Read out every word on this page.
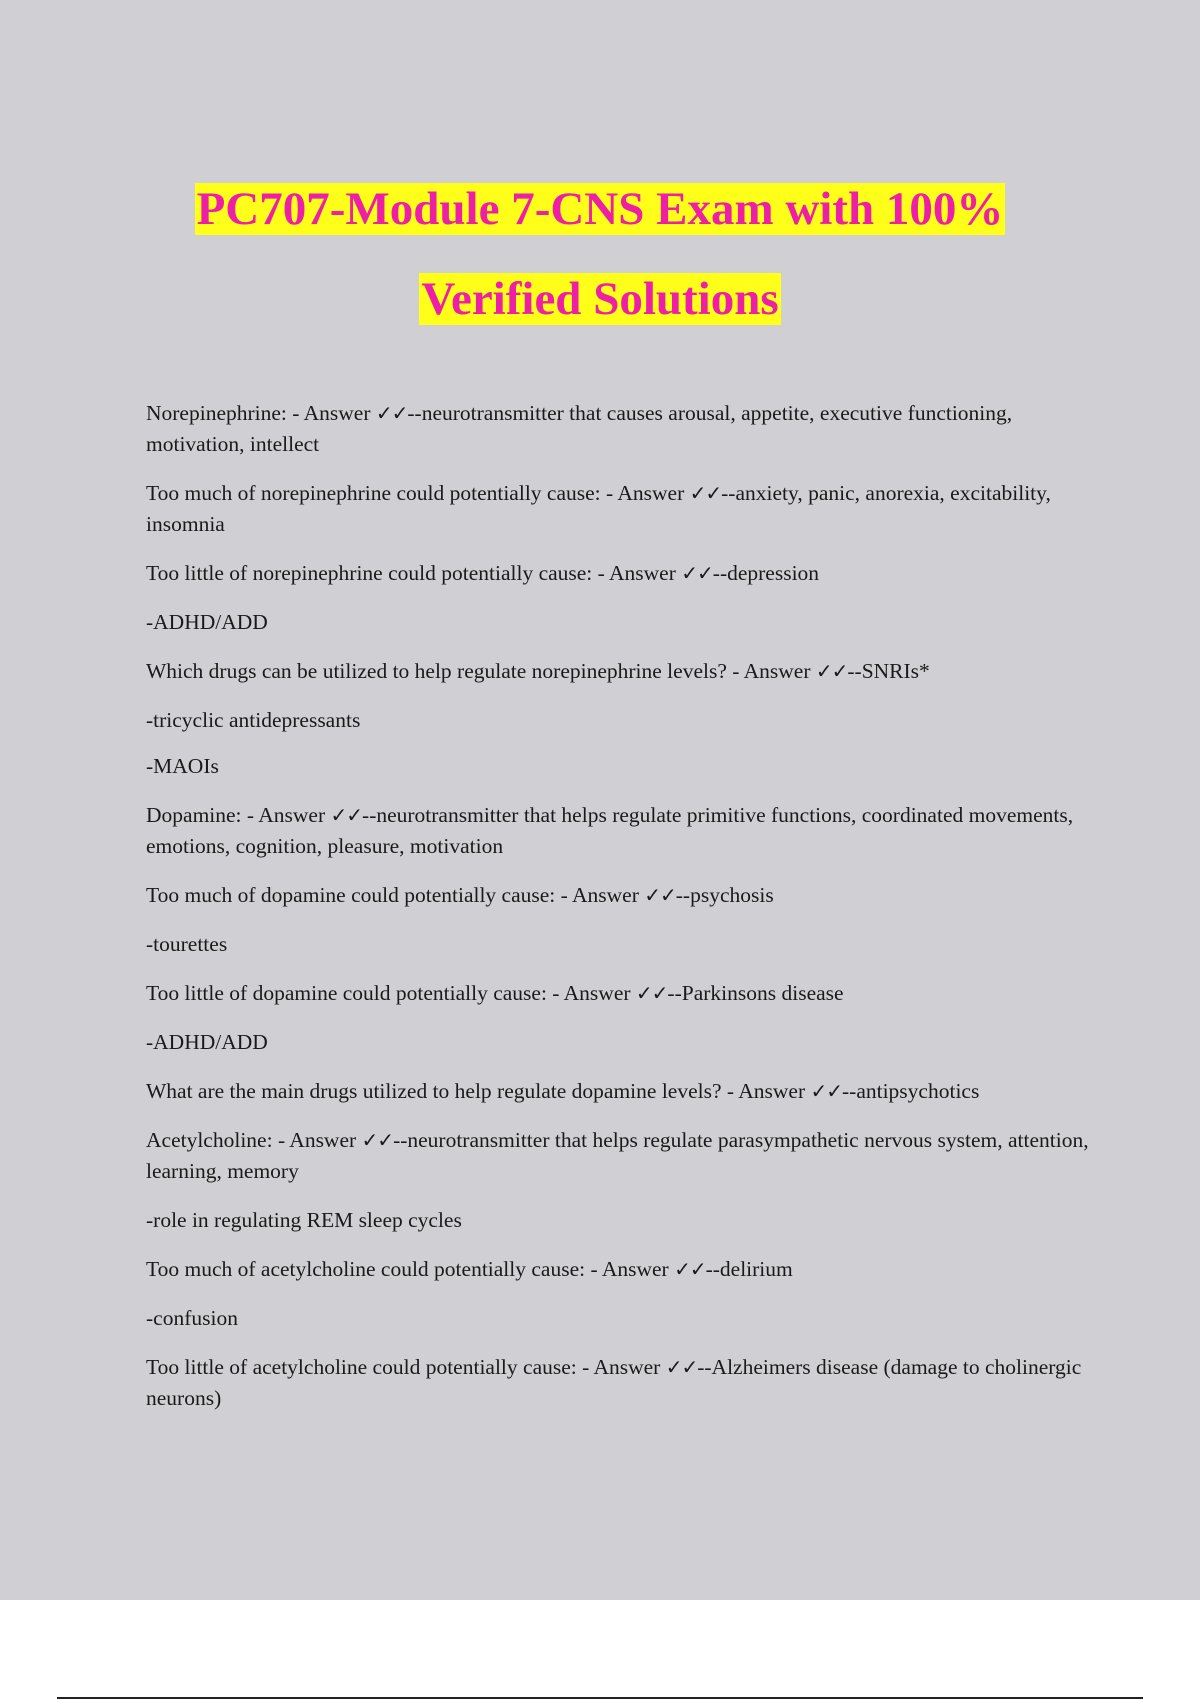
PC707-Module 7-CNS Exam with 100%
Verified Solutions

Norepinephrine: - Answer ✓✓--neurotransmitter that causes arousal, appetite, executive functioning, motivation, intellect

Too much of norepinephrine could potentially cause: - Answer ✓✓--anxiety, panic, anorexia, excitability, insomnia

Too little of norepinephrine could potentially cause: - Answer ✓✓--depression

-ADHD/ADD

Which drugs can be utilized to help regulate norepinephrine levels? - Answer ✓✓--SNRIs*

-tricyclic antidepressants

-MAOIs

Dopamine: - Answer ✓✓--neurotransmitter that helps regulate primitive functions, coordinated movements, emotions, cognition, pleasure, motivation

Too much of dopamine could potentially cause: - Answer ✓✓--psychosis

-tourettes

Too little of dopamine could potentially cause: - Answer ✓✓--Parkinsons disease

-ADHD/ADD

What are the main drugs utilized to help regulate dopamine levels? - Answer ✓✓--antipsychotics

Acetylcholine: - Answer ✓✓--neurotransmitter that helps regulate parasympathetic nervous system, attention, learning, memory

-role in regulating REM sleep cycles

Too much of acetylcholine could potentially cause: - Answer ✓✓--delirium

-confusion

Too little of acetylcholine could potentially cause: - Answer ✓✓--Alzheimers disease (damage to cholinergic neurons)
